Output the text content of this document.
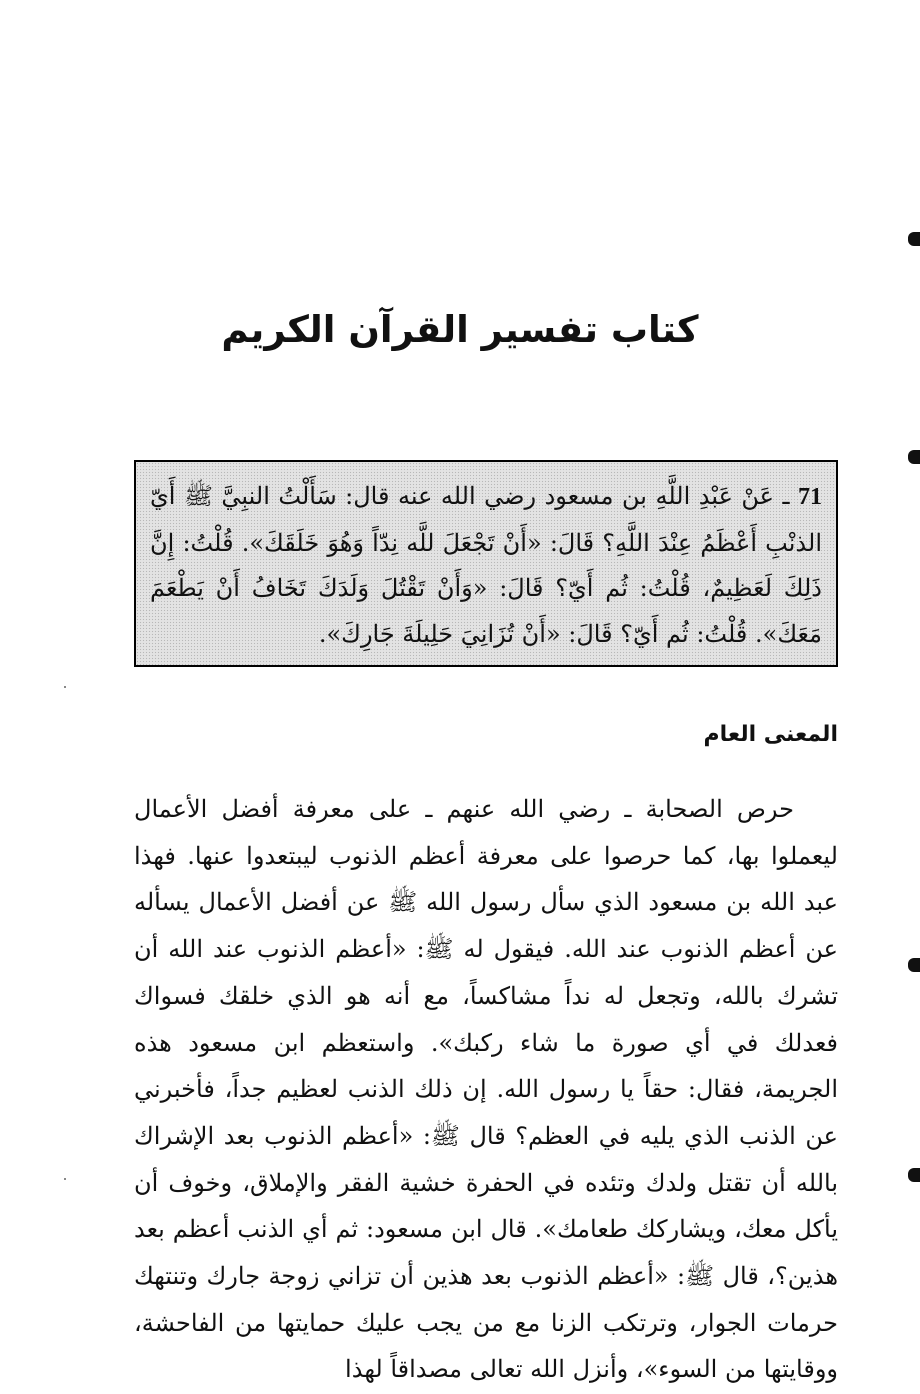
كتاب تفسير القرآن الكريم
71 ـ عَنْ عَبْدِ اللَّهِ بن مسعود رضي الله عنه قال: سَأَلْتُ النبِيَّ ﷺ أَيّ الذنْبِ أَعْظَمُ عِنْدَ اللَّهِ؟ قَالَ: «أَنْ تَجْعَلَ للَّه نِدّاً وَهُوَ خَلَقَكَ». قُلْتُ: إِنَّ ذَلِكَ لَعَظِيمٌ، قُلْتُ: ثُم أَيّ؟ قَالَ: «وَأَنْ تَقْتُلَ وَلَدَكَ تَخَافُ أَنْ يَطْعَمَ مَعَكَ». قُلْتُ: ثُم أَيّ؟ قَالَ: «أَنْ تُزَانِيَ حَلِيلَةَ جَارِكَ».
المعنى العام

حرص الصحابة ـ رضي الله عنهم ـ على معرفة أفضل الأعمال ليعملوا بها، كما حرصوا على معرفة أعظم الذنوب ليبتعدوا عنها. فهذا عبد الله بن مسعود الذي سأل رسول الله ﷺ عن أفضل الأعمال يسأله عن أعظم الذنوب عند الله. فيقول له ﷺ: «أعظم الذنوب عند الله أن تشرك بالله، وتجعل له نداً مشاكساً، مع أنه هو الذي خلقك فسواك فعدلك في أي صورة ما شاء ركبك». واستعظم ابن مسعود هذه الجريمة، فقال: حقاً يا رسول الله. إن ذلك الذنب لعظيم جداً، فأخبرني عن الذنب الذي يليه في العظم؟ قال ﷺ: «أعظم الذنوب بعد الإشراك بالله أن تقتل ولدك وتئده في الحفرة خشية الفقر والإملاق، وخوف أن يأكل معك، ويشاركك طعامك». قال ابن مسعود: ثم أي الذنب أعظم بعد هذين؟، قال ﷺ: «أعظم الذنوب بعد هذين أن تزاني زوجة جارك وتنتهك حرمات الجوار، وترتكب الزنا مع من يجب عليك حمايتها من الفاحشة، ووقايتها من السوء»، وأنزل الله تعالى مصداقاً لهذا
